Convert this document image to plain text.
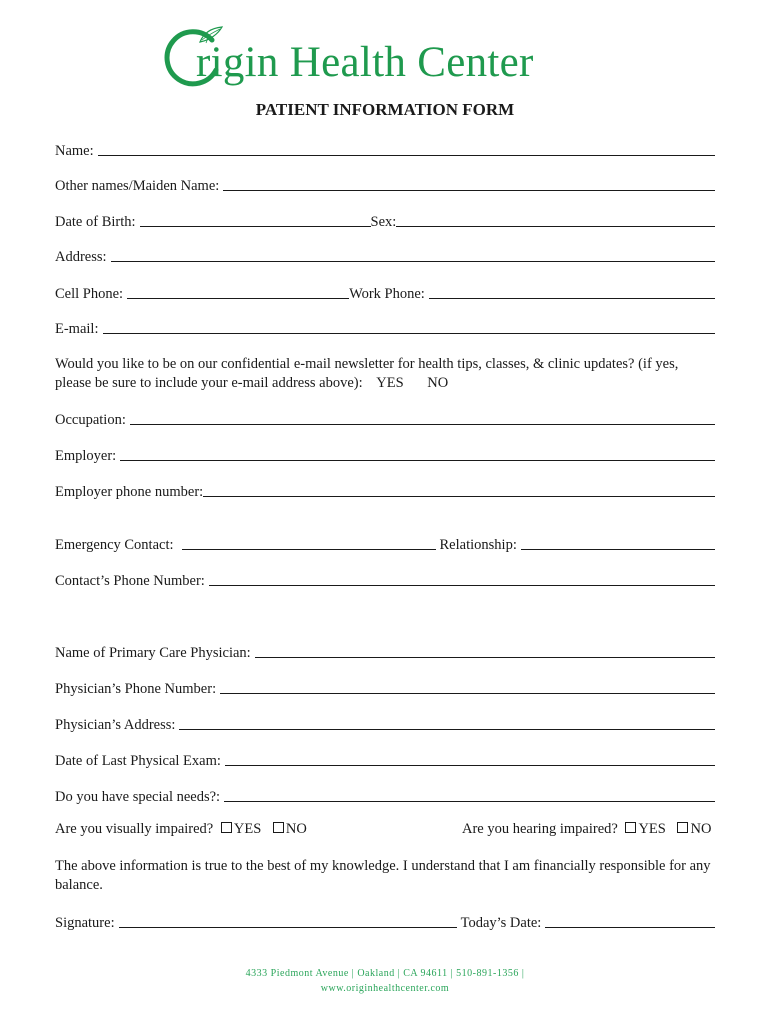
rigin Health Center
PATIENT INFORMATION FORM
Name:
Other names/Maiden Name:
Date of Birth:	Sex:
Address:
Cell Phone:	Work Phone:
E-mail:
Would you like to be on our confidential e-mail newsletter for health tips, classes, & clinic updates? (if yes, please be sure to include your e-mail address above): YES NO
Occupation:
Employer:
Employer phone number:
Emergency Contact:	Relationship:
Contact’s Phone Number:
Name of Primary Care Physician:
Physician’s Phone Number:
Physician’s Address:
Date of Last Physical Exam:
Do you have special needs?:
Are you visually impaired? YES NO	Are you hearing impaired? YES NO
The above information is true to the best of my knowledge. I understand that I am financially responsible for any balance.
Signature:	Today’s Date:
4333 Piedmont Avenue | Oakland | CA 94611 | 510-891-1356 |
www.originhealthcenter.com
